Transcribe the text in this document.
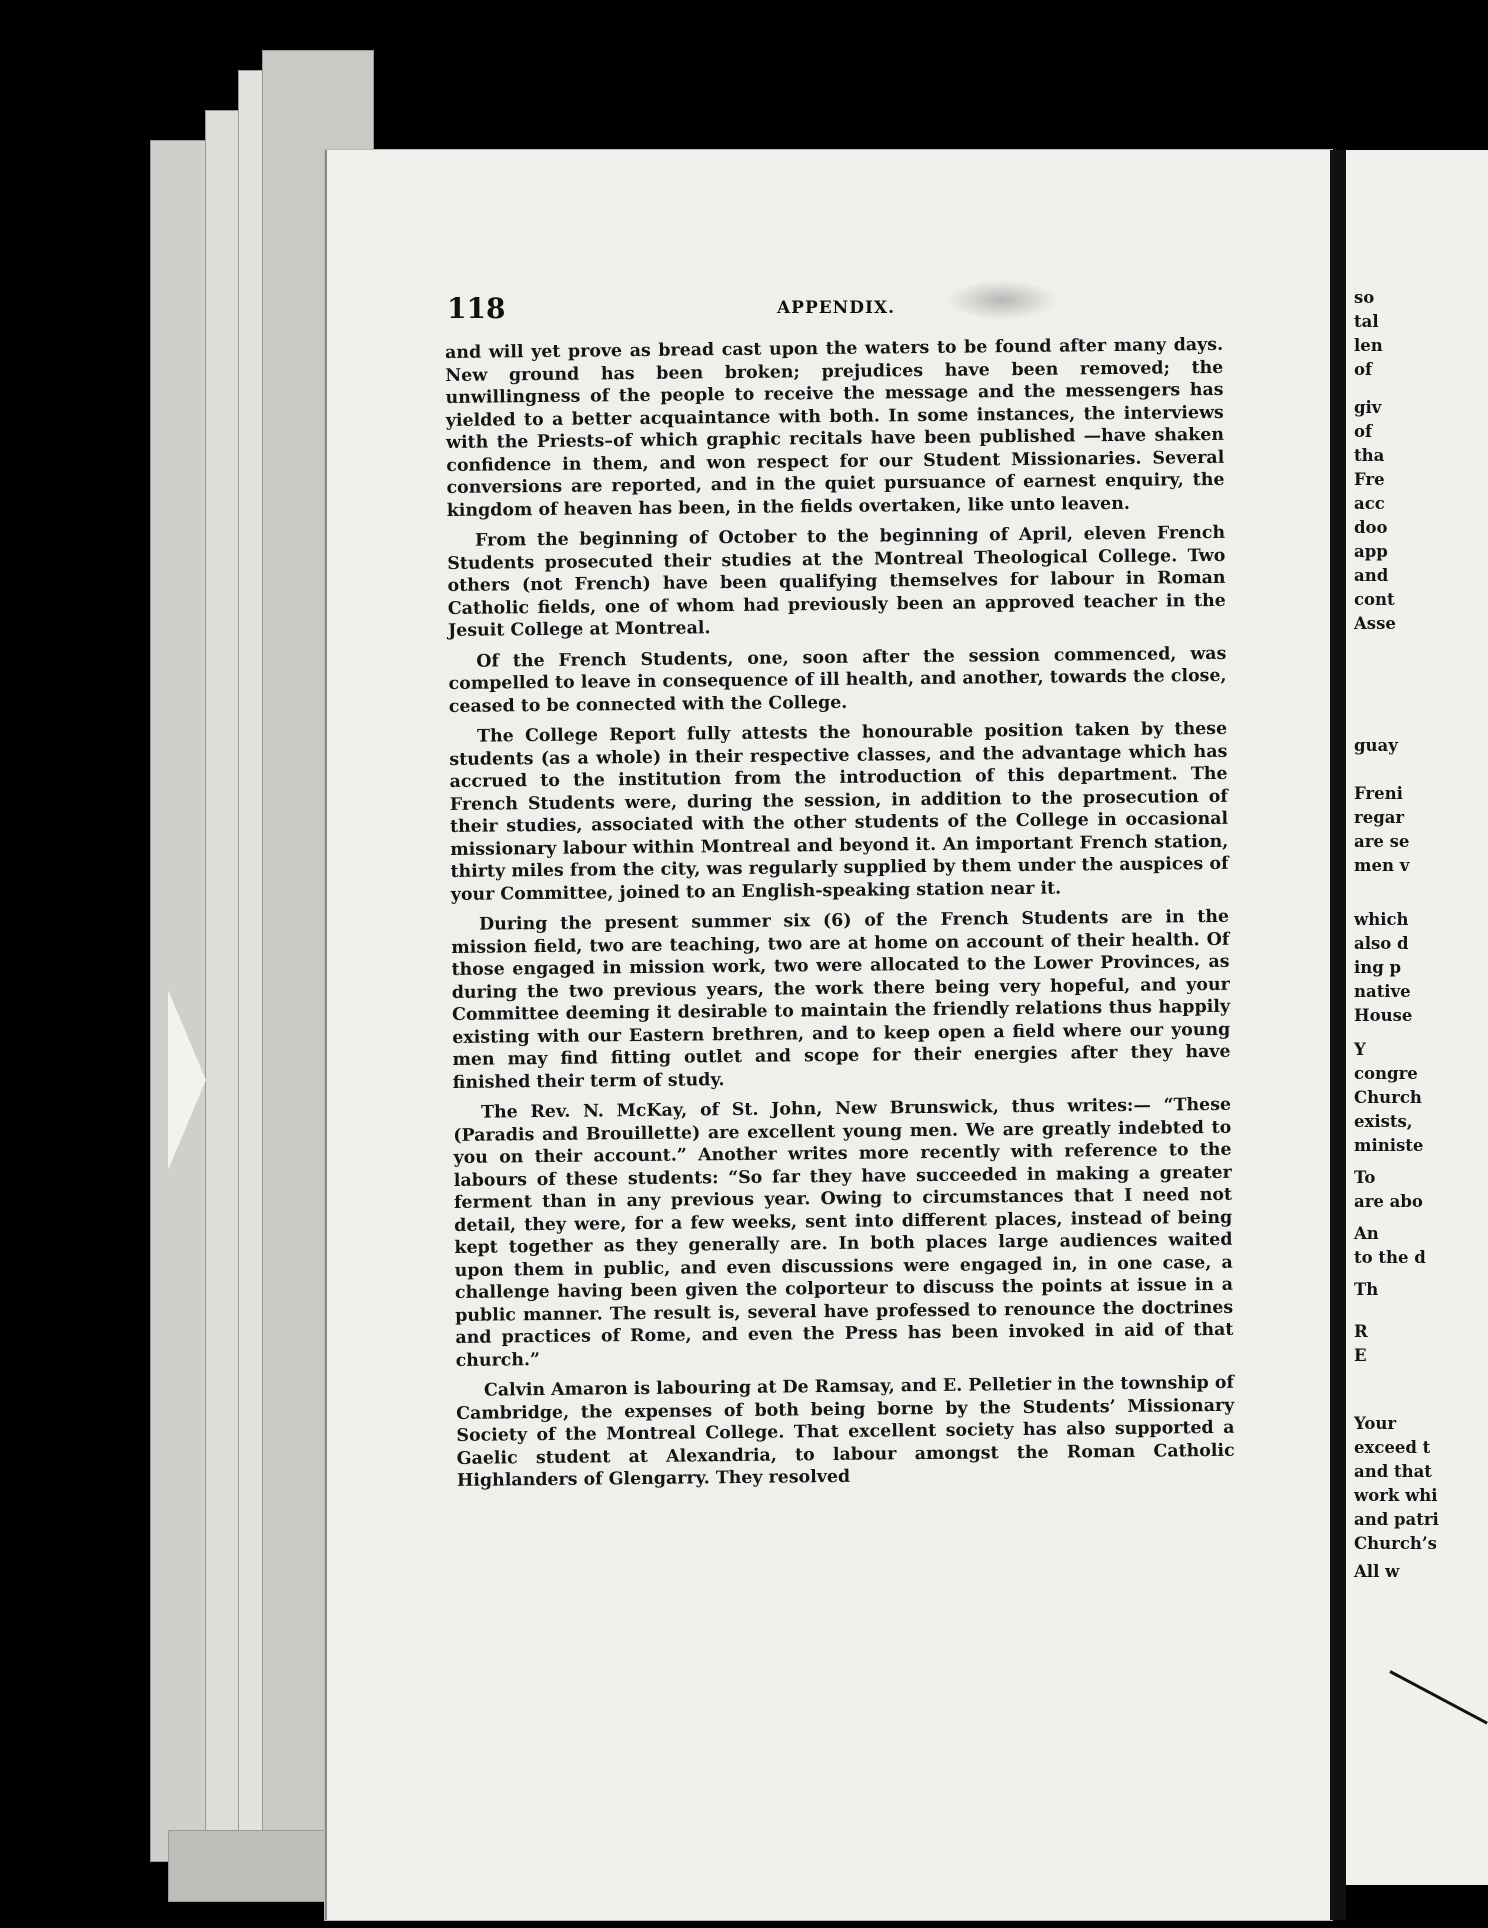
118	APPENDIX.

and will yet prove as bread cast upon the waters to be found after many days. New ground has been broken; prejudices have been removed; the unwillingness of the people to receive the message and the messengers has yielded to a better acquaintance with both. In some instances, the interviews with the Priests–of which graphic recitals have been published —have shaken confidence in them, and won respect for our Student Missionaries. Several conversions are reported, and in the quiet pursuance of earnest enquiry, the kingdom of heaven has been, in the fields overtaken, like unto leaven.

From the beginning of October to the beginning of April, eleven French Students prosecuted their studies at the Montreal Theological College. Two others (not French) have been qualifying themselves for labour in Roman Catholic fields, one of whom had previously been an approved teacher in the Jesuit College at Montreal.

Of the French Students, one, soon after the session commenced, was compelled to leave in consequence of ill health, and another, towards the close, ceased to be connected with the College.

The College Report fully attests the honourable position taken by these students (as a whole) in their respective classes, and the advantage which has accrued to the institution from the introduction of this department. The French Students were, during the session, in addition to the prosecution of their studies, associated with the other students of the College in occasional missionary labour within Montreal and beyond it. An important French station, thirty miles from the city, was regularly supplied by them under the auspices of your Committee, joined to an English-speaking station near it.

During the present summer six (6) of the French Students are in the mission field, two are teaching, two are at home on account of their health. Of those engaged in mission work, two were allocated to the Lower Provinces, as during the two previous years, the work there being very hopeful, and your Committee deeming it desirable to maintain the friendly relations thus happily existing with our Eastern brethren, and to keep open a field where our young men may find fitting outlet and scope for their energies after they have finished their term of study.

The Rev. N. McKay, of St. John, New Brunswick, thus writes:— “These (Paradis and Brouillette) are excellent young men. We are greatly indebted to you on their account.” Another writes more recently with reference to the labours of these students: “So far they have succeeded in making a greater ferment than in any previous year. Owing to circumstances that I need not detail, they were, for a few weeks, sent into different places, instead of being kept together as they generally are. In both places large audiences waited upon them in public, and even discussions were engaged in, in one case, a challenge having been given the colporteur to discuss the points at issue in a public manner. The result is, several have professed to renounce the doctrines and practices of Rome, and even the Press has been invoked in aid of that church.”

Calvin Amaron is labouring at De Ramsay, and E. Pelletier in the township of Cambridge, the expenses of both being borne by the Students’ Missionary Society of the Montreal College. That excellent society has also supported a Gaelic student at Alexandria, to labour amongst the Roman Catholic Highlanders of Glengarry. They resolved

so
tal
len
of
giv
of
tha
Fre
acc
doo
app
and
cont
Asse
guay
Freni
regar
are se
men v
which
also d
ing p
native
House
Y
congre
Church
exists,
ministe
To
are abo
An
to the d
Th
R
E
Your
exceed t
and that
work whi
and patri
Church’s
All w
